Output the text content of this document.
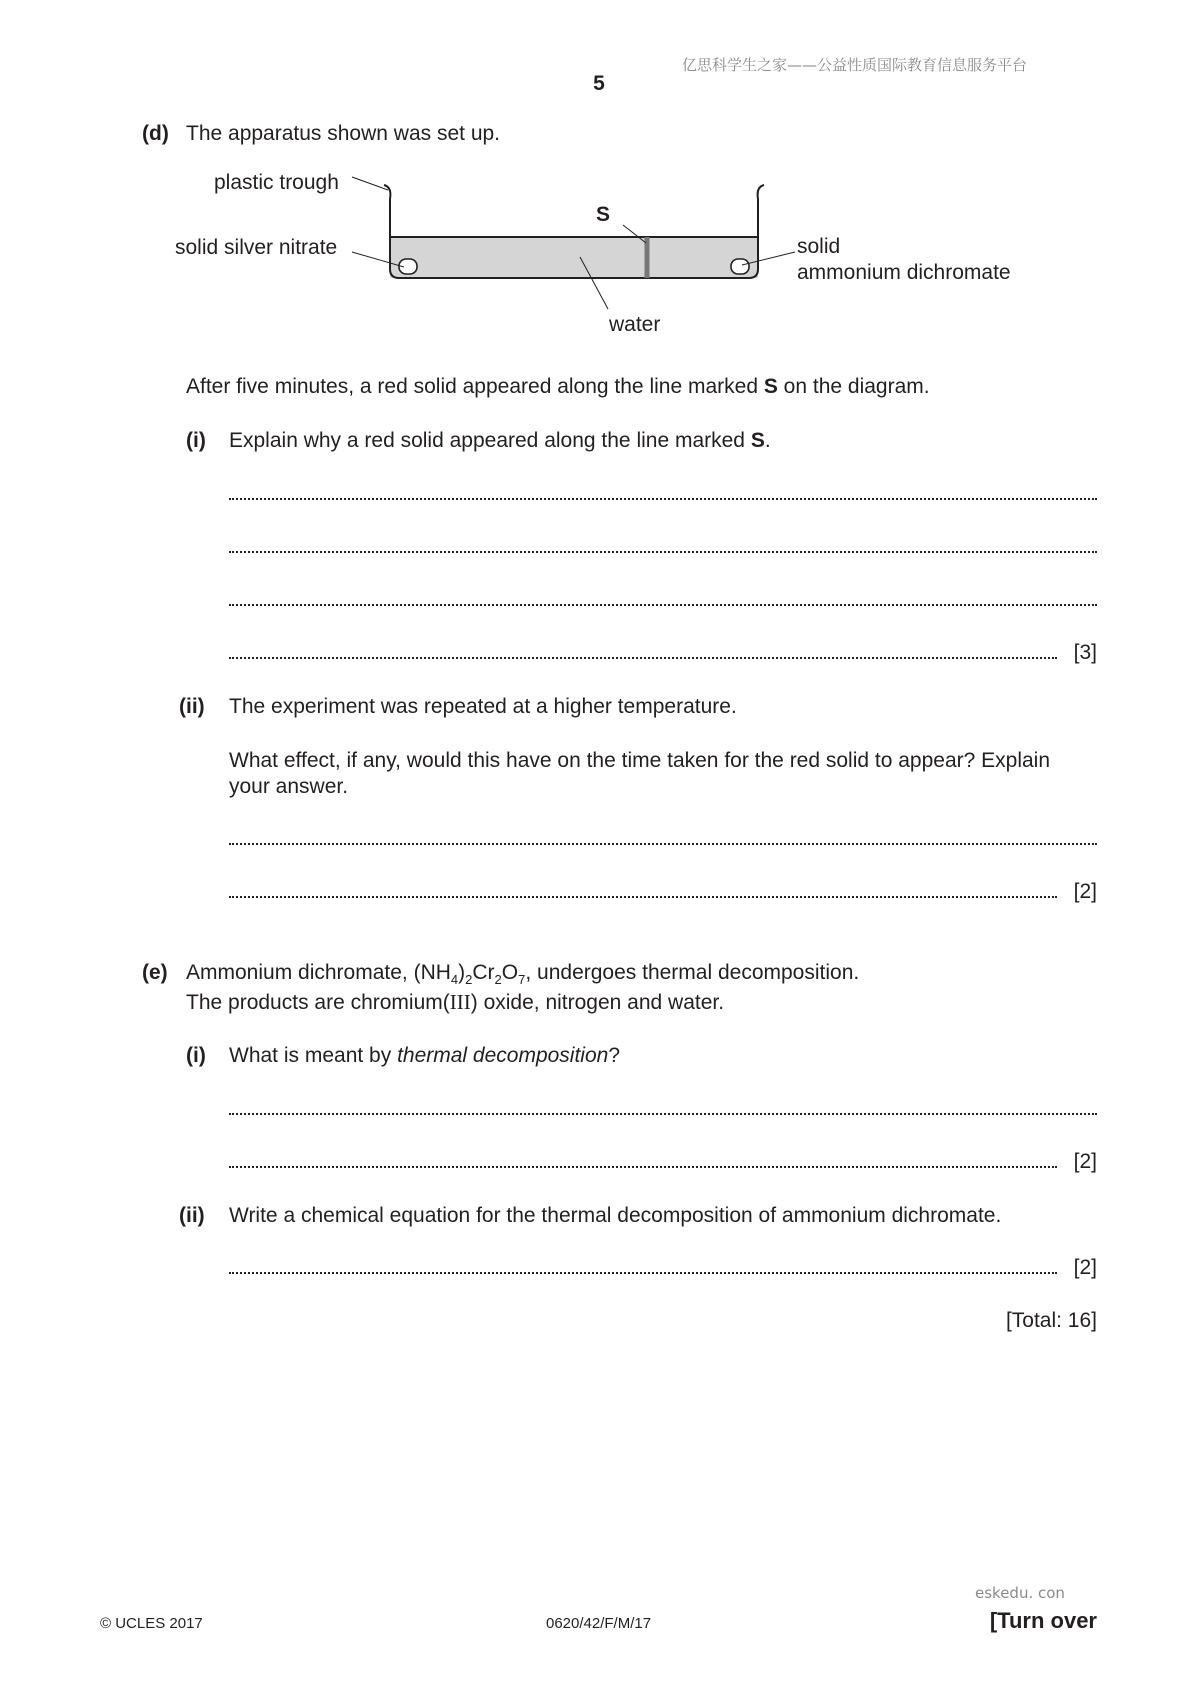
亿思科学生之家——公益性质国际教育信息服务平台
5
(d) The apparatus shown was set up.
plastic trough
solid silver nitrate
S
water
solid
ammonium dichromate
After five minutes, a red solid appeared along the line marked S on the diagram.
(i) Explain why a red solid appeared along the line marked S.
[3]
(ii) The experiment was repeated at a higher temperature.
What effect, if any, would this have on the time taken for the red solid to appear? Explain
your answer.
[2]
(e) Ammonium dichromate, $(NH_4)_2Cr_2O_7$, undergoes thermal decomposition.
The products are chromium(III) oxide, nitrogen and water.
(i) What is meant by thermal decomposition?
[2]
(ii) Write a chemical equation for the thermal decomposition of ammonium dichromate.
[2]
[Total: 16]
eskedu. con
© UCLES 2017	0620/42/F/M/17	[Turn over
